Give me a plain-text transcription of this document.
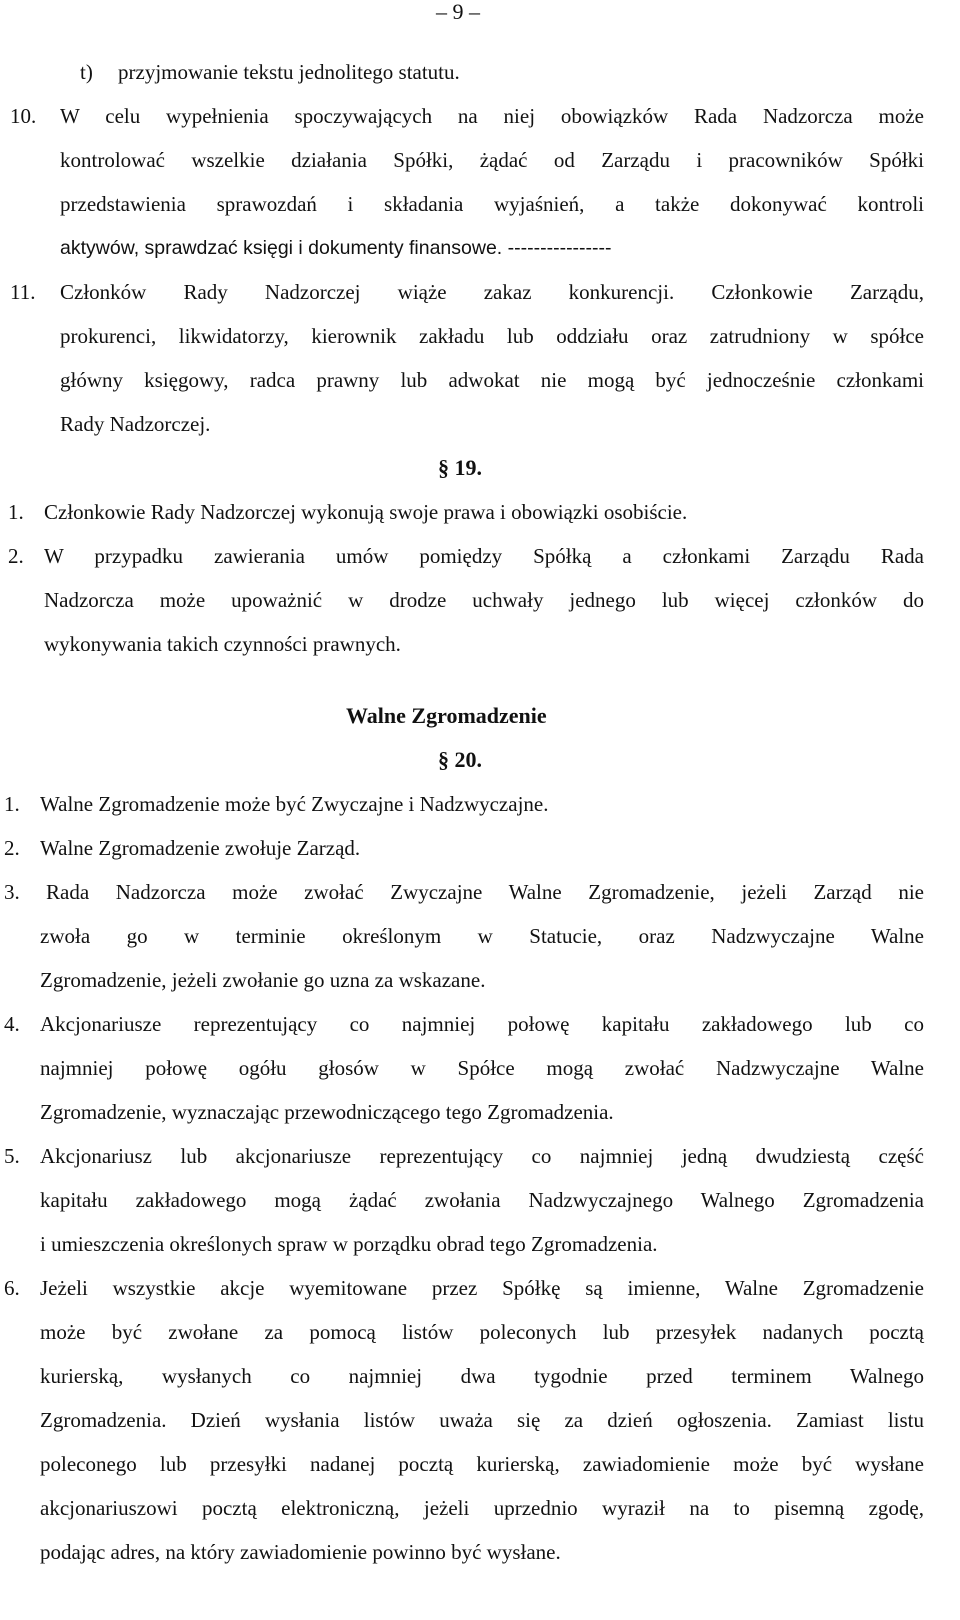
– 9 –
t) przyjmowanie tekstu jednolitego statutu.
10. W celu wypełnienia spoczywających na niej obowiązków Rada Nadzorcza może
kontrolować wszelkie działania Spółki, żądać od Zarządu i pracowników Spółki
przedstawienia sprawozdań i składania wyjaśnień, a także dokonywać kontroli
aktywów, sprawdzać księgi i dokumenty finansowe. ----------------
11. Członków Rady Nadzorczej wiąże zakaz konkurencji. Członkowie Zarządu,
prokurenci, likwidatorzy, kierownik zakładu lub oddziału oraz zatrudniony w spółce
główny księgowy, radca prawny lub adwokat nie mogą być jednocześnie członkami
Rady Nadzorczej.
§ 19.
1. Członkowie Rady Nadzorczej wykonują swoje prawa i obowiązki osobiście.
2. W przypadku zawierania umów pomiędzy Spółką a członkami Zarządu Rada
Nadzorcza może upoważnić w drodze uchwały jednego lub więcej członków do
wykonywania takich czynności prawnych.
Walne Zgromadzenie
§ 20.
1. Walne Zgromadzenie może być Zwyczajne i Nadzwyczajne.
2. Walne Zgromadzenie zwołuje Zarząd.
3. Rada Nadzorcza może zwołać Zwyczajne Walne Zgromadzenie, jeżeli Zarząd nie
zwoła go w terminie określonym w Statucie, oraz Nadzwyczajne Walne
Zgromadzenie, jeżeli zwołanie go uzna za wskazane.
4. Akcjonariusze reprezentujący co najmniej połowę kapitału zakładowego lub co
najmniej połowę ogółu głosów w Spółce mogą zwołać Nadzwyczajne Walne
Zgromadzenie, wyznaczając przewodniczącego tego Zgromadzenia.
5. Akcjonariusz lub akcjonariusze reprezentujący co najmniej jedną dwudziestą część
kapitału zakładowego mogą żądać zwołania Nadzwyczajnego Walnego Zgromadzenia
i umieszczenia określonych spraw w porządku obrad tego Zgromadzenia.
6. Jeżeli wszystkie akcje wyemitowane przez Spółkę są imienne, Walne Zgromadzenie
może być zwołane za pomocą listów poleconych lub przesyłek nadanych pocztą
kurierską, wysłanych co najmniej dwa tygodnie przed terminem Walnego
Zgromadzenia. Dzień wysłania listów uważa się za dzień ogłoszenia. Zamiast listu
poleconego lub przesyłki nadanej pocztą kurierską, zawiadomienie może być wysłane
akcjonariuszowi pocztą elektroniczną, jeżeli uprzednio wyraził na to pisemną zgodę,
podając adres, na który zawiadomienie powinno być wysłane.
